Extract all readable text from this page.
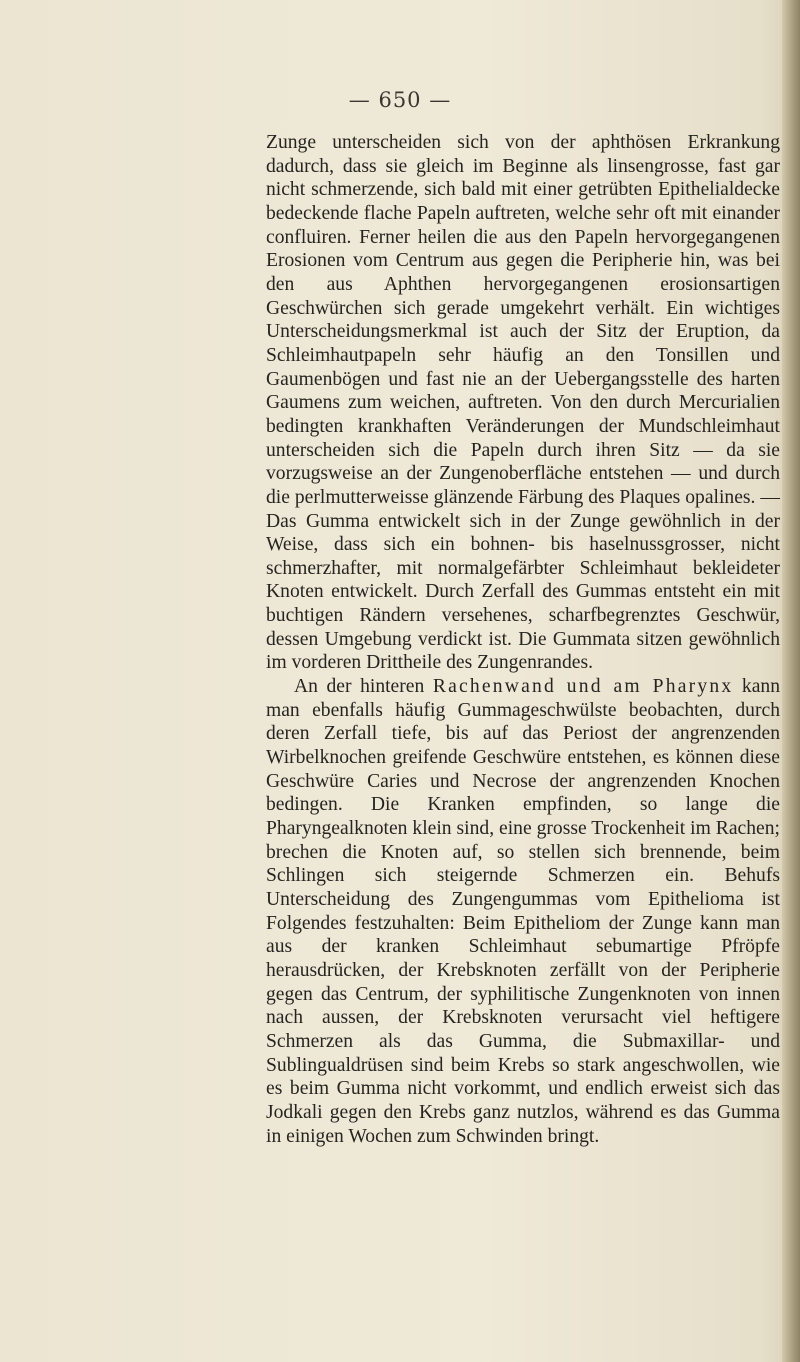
— 650 —

Zunge unterscheiden sich von der aphthösen Erkrankung dadurch, dass sie gleich im Beginne als linsengrosse, fast gar nicht schmerzende, sich bald mit einer getrübten Epithelialdecke bedeckende flache Papeln auftreten, welche sehr oft mit einander confluiren. Ferner heilen die aus den Papeln hervorgegangenen Erosionen vom Centrum aus gegen die Peripherie hin, was bei den aus Aphthen hervorgegangenen erosionsartigen Geschwürchen sich gerade umgekehrt verhält. Ein wichtiges Unterscheidungsmerkmal ist auch der Sitz der Eruption, da Schleimhautpapeln sehr häufig an den Tonsillen und Gaumenbögen und fast nie an der Uebergangsstelle des harten Gaumens zum weichen, auftreten. Von den durch Mercurialien bedingten krankhaften Veränderungen der Mundschleimhaut unterscheiden sich die Papeln durch ihren Sitz — da sie vorzugsweise an der Zungenoberfläche entstehen — und durch die perlmutterweisse glänzende Färbung des Plaques opalines. — Das Gumma entwickelt sich in der Zunge gewöhnlich in der Weise, dass sich ein bohnen- bis haselnussgrosser, nicht schmerzhafter, mit normalgefärbter Schleimhaut bekleideter Knoten entwickelt. Durch Zerfall des Gummas entsteht ein mit buchtigen Rändern versehenes, scharfbegrenztes Geschwür, dessen Umgebung verdickt ist. Die Gummata sitzen gewöhnlich im vorderen Drittheile des Zungenrandes.

An der hinteren Rachenwand und am Pharynx kann man ebenfalls häufig Gummageschwülste beobachten, durch deren Zerfall tiefe, bis auf das Periost der angrenzenden Wirbelknochen greifende Geschwüre entstehen, es können diese Geschwüre Caries und Necrose der angrenzenden Knochen bedingen. Die Kranken empfinden, so lange die Pharyngealknoten klein sind, eine grosse Trockenheit im Rachen; brechen die Knoten auf, so stellen sich brennende, beim Schlingen sich steigernde Schmerzen ein. Behufs Unterscheidung des Zungengummas vom Epithelioma ist Folgendes festzuhalten: Beim Epitheliom der Zunge kann man aus der kranken Schleimhaut sebumartige Pfröpfe herausdrücken, der Krebsknoten zerfällt von der Peripherie gegen das Centrum, der syphilitische Zungenknoten von innen nach aussen, der Krebsknoten verursacht viel heftigere Schmerzen als das Gumma, die Submaxillar- und Sublingualdrüsen sind beim Krebs so stark angeschwollen, wie es beim Gumma nicht vorkommt, und endlich erweist sich das Jodkali gegen den Krebs ganz nutzlos, während es das Gumma in einigen Wochen zum Schwinden bringt.
